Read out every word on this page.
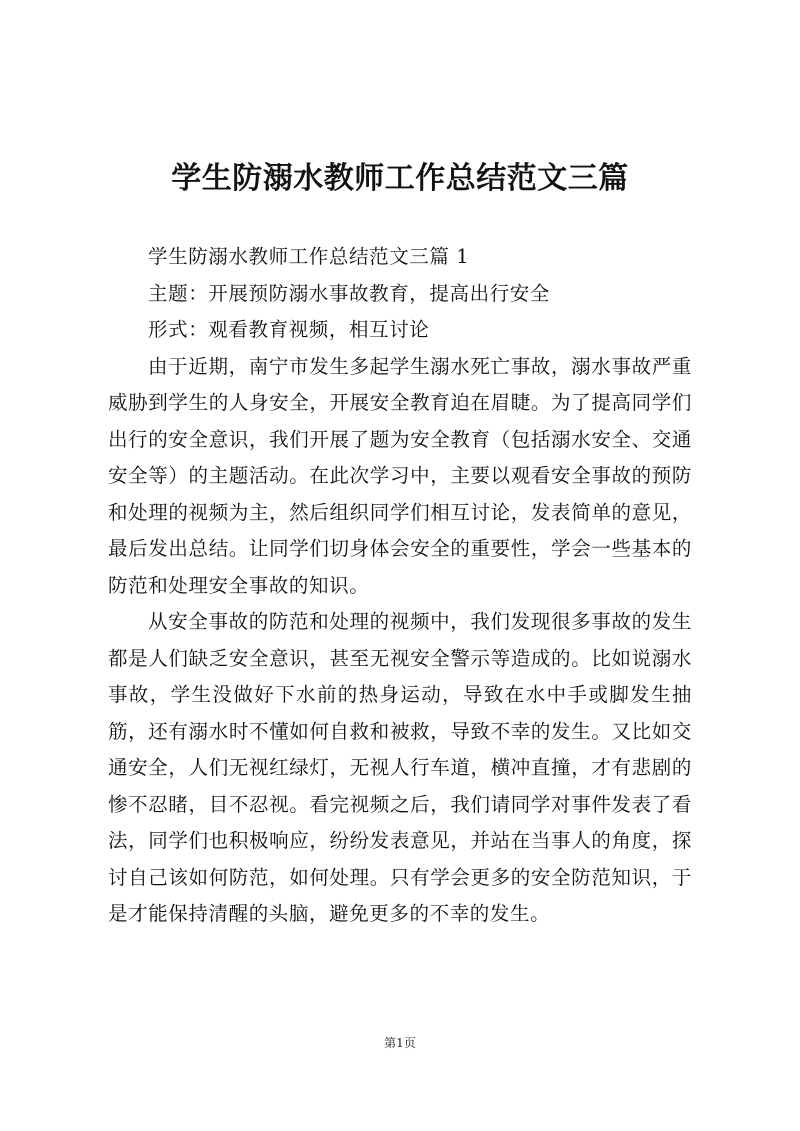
学生防溺水教师工作总结范文三篇

学生防溺水教师工作总结范文三篇 1

主题：开展预防溺水事故教育，提高出行安全

形式：观看教育视频，相互讨论

由于近期，南宁市发生多起学生溺水死亡事故，溺水事故严重威胁到学生的人身安全，开展安全教育迫在眉睫。为了提高同学们出行的安全意识，我们开展了题为安全教育（包括溺水安全、交通安全等）的主题活动。在此次学习中，主要以观看安全事故的预防和处理的视频为主，然后组织同学们相互讨论，发表简单的意见，最后发出总结。让同学们切身体会安全的重要性，学会一些基本的防范和处理安全事故的知识。

从安全事故的防范和处理的视频中，我们发现很多事故的发生都是人们缺乏安全意识，甚至无视安全警示等造成的。比如说溺水事故，学生没做好下水前的热身运动，导致在水中手或脚发生抽筋，还有溺水时不懂如何自救和被救，导致不幸的发生。又比如交通安全，人们无视红绿灯，无视人行车道，横冲直撞，才有悲剧的惨不忍睹，目不忍视。看完视频之后，我们请同学对事件发表了看法，同学们也积极响应，纷纷发表意见，并站在当事人的角度，探讨自己该如何防范，如何处理。只有学会更多的安全防范知识，于是才能保持清醒的头脑，避免更多的不幸的发生。

第1页
